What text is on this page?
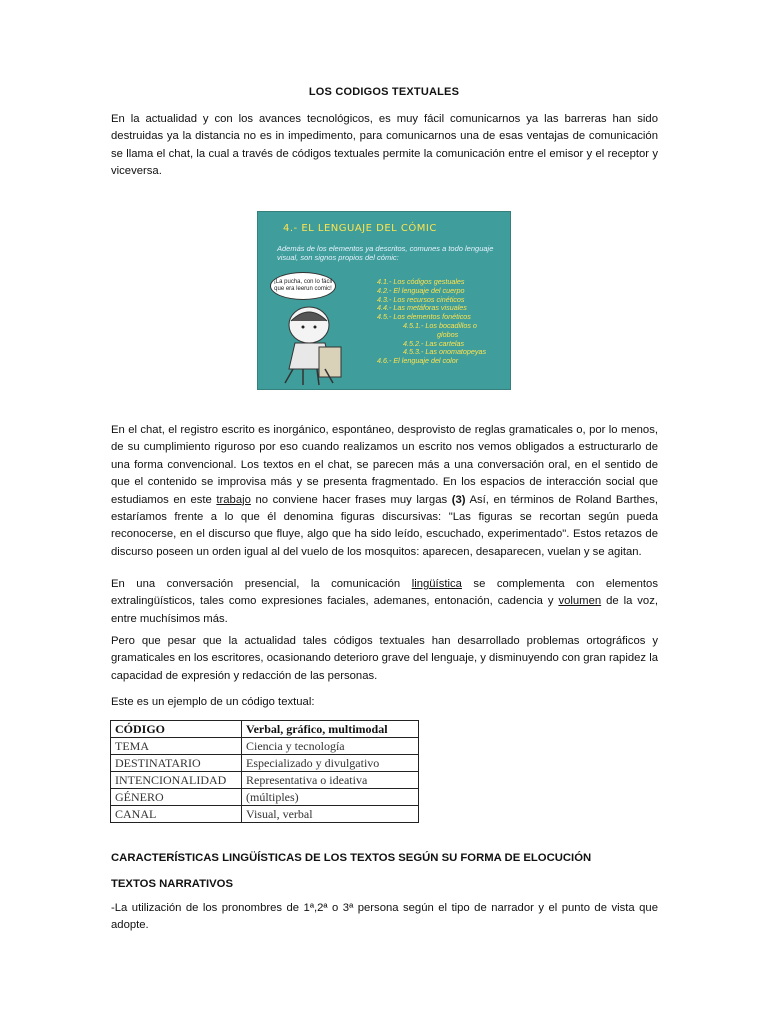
LOS CODIGOS TEXTUALES
En la actualidad y con los avances tecnológicos, es muy fácil comunicarnos ya las barreras han sido destruidas ya la distancia no es in impedimento, para comunicarnos una de esas ventajas de comunicación se llama el chat, la cual a través de códigos textuales permite la comunicación entre el emisor y el receptor y viceversa.
4.- EL LENGUAJE DEL CÓMIC
Además de los elementos ya descritos, comunes a todo lenguaje visual, son signos propios del cómic:
¡La pucha, con lo fácil que era leerun comic!
4.1.- Los códigos gestuales
4.2.- El lenguaje del cuerpo
4.3.- Los recursos cinéticos
4.4.- Las metáforas visuales
4.5.- Los elementos fonéticos
4.5.1.- Los bocadillos o
globos
4.5.2.- Las cartelas
4.5.3.- Las onomatopeyas
4.6.- El lenguaje del color
En el chat, el registro escrito es inorgánico, espontáneo, desprovisto de reglas gramaticales o, por lo menos, de su cumplimiento riguroso por eso cuando realizamos un escrito nos vemos obligados a estructurarlo de una forma convencional. Los textos en el chat, se parecen más a una conversación oral, en el sentido de que el contenido se improvisa más y se presenta fragmentado. En los espacios de interacción social que estudiamos en este trabajo no conviene hacer frases muy largas (3) Así, en términos de Roland Barthes, estaríamos frente a lo que él denomina figuras discursivas: "Las figuras se recortan según pueda reconocerse, en el discurso que fluye, algo que ha sido leído, escuchado, experimentado". Estos retazos de discurso poseen un orden igual al del vuelo de los mosquitos: aparecen, desaparecen, vuelan y se agitan.
En una conversación presencial, la comunicación lingüística se complementa con elementos extralingüísticos, tales como expresiones faciales, ademanes, entonación, cadencia y volumen de la voz, entre muchísimos más.
Pero que pesar que la actualidad tales códigos textuales han desarrollado problemas ortográficos y gramaticales en los escritores, ocasionando deterioro grave del lenguaje, y disminuyendo con gran rapidez la capacidad de expresión y redacción de las personas.
Este es un ejemplo de un código textual:
CÓDIGO	Verbal, gráfico, multimodal
TEMA	Ciencia y tecnología
DESTINATARIO	Especializado y divulgativo
INTENCIONALIDAD	Representativa o ideativa
GÉNERO	(múltiples)
CANAL	Visual, verbal
CARACTERÍSTICAS LINGÜÍSTICAS DE LOS TEXTOS SEGÚN SU FORMA DE ELOCUCIÓN
TEXTOS NARRATIVOS
-La utilización de los pronombres de 1ª,2ª o 3ª persona según el tipo de narrador y el punto de vista que adopte.
